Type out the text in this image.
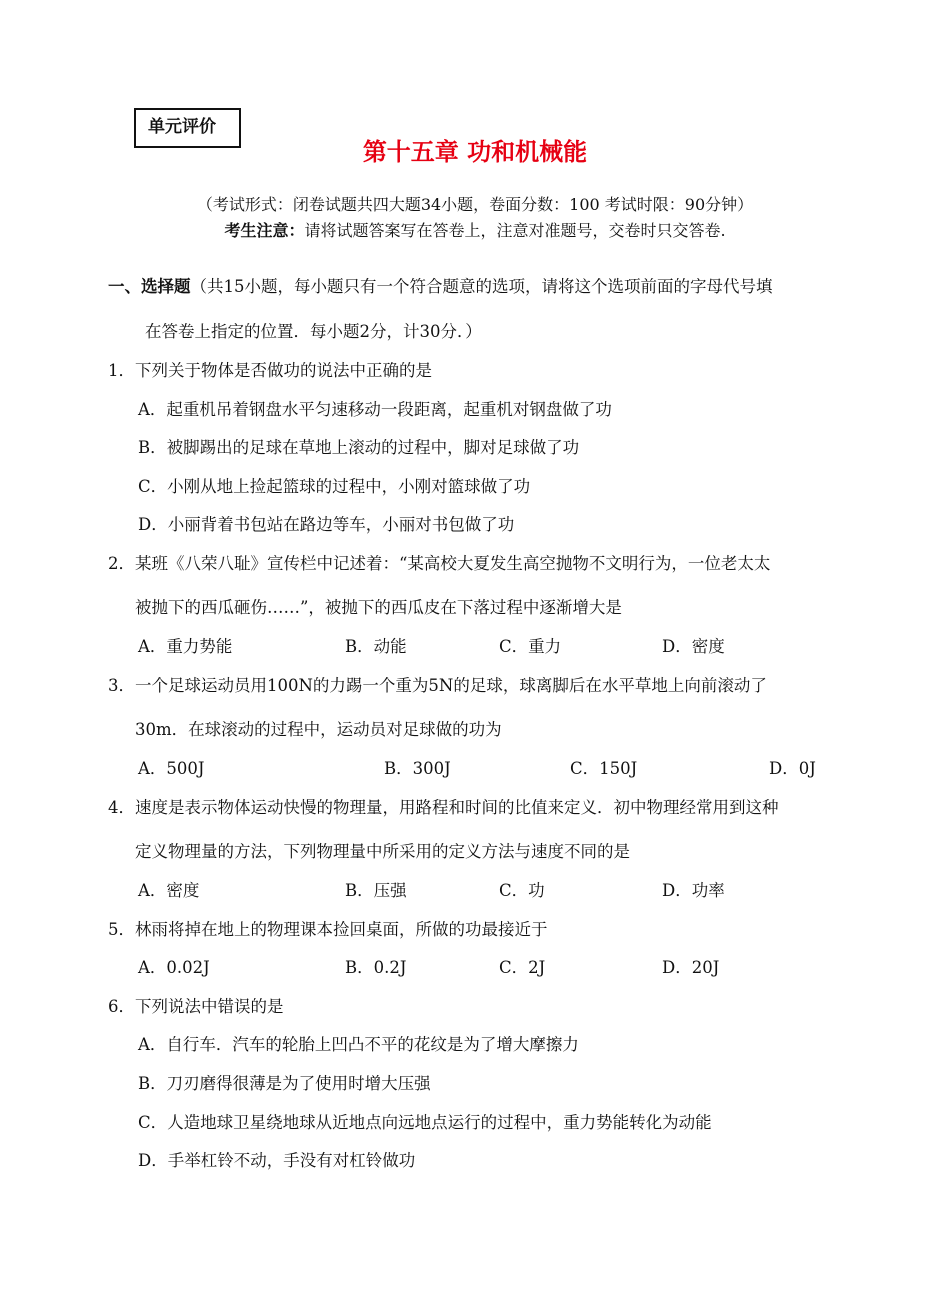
单元评价
第十五章 功和机械能
（考试形式：闭卷试题共四大题34小题，卷面分数：100 考试时限：90分钟）
考生注意：请将试题答案写在答卷上，注意对准题号，交卷时只交答卷.
一、选择题（共15小题，每小题只有一个符合题意的选项，请将这个选项前面的字母代号填
在答卷上指定的位置．每小题2分，计30分．）
1．下列关于物体是否做功的说法中正确的是
A．起重机吊着钢盘水平匀速移动一段距离，起重机对钢盘做了功
B．被脚踢出的足球在草地上滚动的过程中，脚对足球做了功
C．小刚从地上捡起篮球的过程中，小刚对篮球做了功
D．小丽背着书包站在路边等车，小丽对书包做了功
2．某班《八荣八耻》宣传栏中记述着：“某高校大夏发生高空抛物不文明行为，一位老太太
被抛下的西瓜砸伤……”，被抛下的西瓜皮在下落过程中逐渐增大是
A．重力势能	B．动能	C．重力	D．密度
3．一个足球运动员用100N的力踢一个重为5N的足球，球离脚后在水平草地上向前滚动了
30m．在球滚动的过程中，运动员对足球做的功为
A．500J	B．300J	C．150J	D．0J
4．速度是表示物体运动快慢的物理量，用路程和时间的比值来定义．初中物理经常用到这种
定义物理量的方法，下列物理量中所采用的定义方法与速度不同的是
A．密度	B．压强	C．功	D．功率
5．林雨将掉在地上的物理课本捡回桌面，所做的功最接近于
A．0.02J	B．0.2J	C．2J	D．20J
6．下列说法中错误的是
A．自行车．汽车的轮胎上凹凸不平的花纹是为了增大摩擦力
B．刀刃磨得很薄是为了使用时增大压强
C．人造地球卫星绕地球从近地点向远地点运行的过程中，重力势能转化为动能
D．手举杠铃不动，手没有对杠铃做功
